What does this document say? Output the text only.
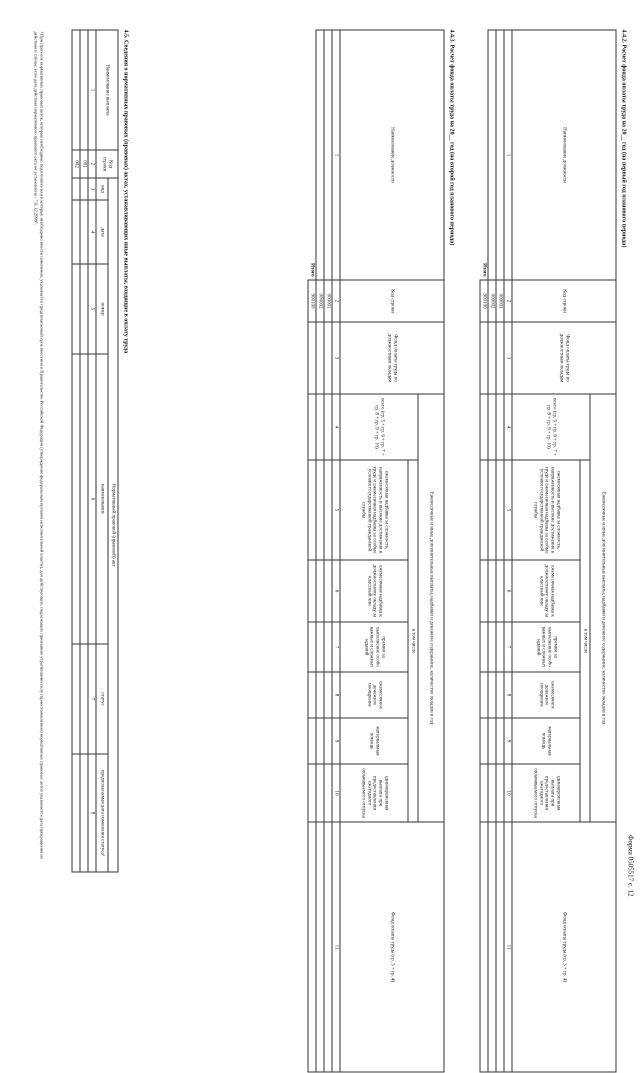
Форма 0505517 с. 12
4.4.2. Расчет фонда оплаты труда на 20__ год (на первый год планового периода)
Наименование должности	Код строки	Фонд оплаты труда по должностным окладам	Ежемесячные и иные дополнительные выплаты, надбавки и денежное содержание, количество окладов в год							Фонд оплаты труда (гр. 3 + гр. 4)
			всего (гр. 5 + гр. 6 + гр. 7 + гр. 8 + гр. 9 + гр. 10)	в том числе						
				ежемесячная надбавка за сложность, напряженность и высокие достижения в труде и ежемесячная надбавка за особые условия государственной гражданской службы	ежемесячная надбавка к должностному окладу за классный чин	премии за выполнение особо важных и сложных заданий	ежемесячное денежное поощрение	материальная помощь	единовременная выплата при предоставлении ежегодного оплачиваемого отпуска	
1	2	3	4	5	6	7	8	9	10	11
	000001									
	000002									
Итого	900100									
4.4.3. Расчет фонда оплаты труда на 20__ год (на второй год планового периода)
Наименование должности	Код строки	Фонд оплаты труда по должностным окладам	Ежемесячные и иные дополнительные выплаты, надбавки и денежное содержание, количество окладов в год							Фонд оплаты труда (гр. 3 + гр. 4)
			всего (гр. 5 + гр. 6 + гр. 7 + гр. 8 + гр. 9 + гр. 10)	в том числе						
				ежемесячная надбавка за сложность, напряженность и высокие достижения в труде и ежемесячная надбавка за особые условия государственной гражданской службы	ежемесячная надбавка к должностному окладу за классный чин	премии за выполнение особо важных и сложных заданий	ежемесячное денежное поощрение	материальная помощь	единовременная выплата при предоставлении ежегодного оплачиваемого отпуска	
1	2	3	4	5	6	7	8	9	10	11
	000001									
	000002									
Итого	900100									
4.5. Сведения о нормативных правовых (правовых) актах, устанавливающих иные выплаты, входящие в оплату труда
Наименование выплаты	Код строки	Нормативный правовой (правовой) акт					
		вид	дата	номер	наименование	статус	предполагаемая дата изменения статуса¹
1	2	3	4	5	6	7	8
	001						
	002						
¹ При прогнозе нормативных правовых актов, которые необходимо подготовить или в которые необходимо внести изменения, указывается предполагаемый срок внесения в Правительство Российской Федерации (утверждения федеральным органом исполнительной власти), для действующих, подлежащих признанию утратившими силу (приостановлению) нормативных правовых актов указывается дата прекращения их действия в случае, если дата действия нормативного правового акта не установлена - "31.12.2999".
